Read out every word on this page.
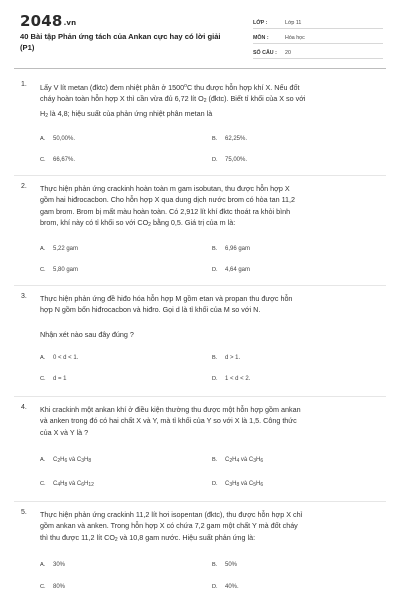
2048.vn
40 Bài tập Phản ứng tách của Ankan cực hay có lời giải (P1)
LỚP :	Lớp 11
MÔN :	Hóa học
SỐ CÂU :	20
1. Lấy V lít metan (đktc) đem nhiệt phân ở 1500$^o$C thu được hỗn hợp khí X. Nếu đốt
cháy hoàn toàn hỗn hợp X thì cần vừa đủ 6,72 lít $O_2$ (đktc). Biết tỉ khối của X so với
$H_2$ là 4,8; hiệu suất của phản ứng nhiệt phân metan là
A. 50,00%.	B. 62,25%.
C. 66,67%.	D. 75,00%.
2. Thực hiện phản ứng crackinh hoàn toàn m gam isobutan, thu được hỗn hợp X
gồm hai hiđrocacbon. Cho hỗn hợp X qua dung dịch nước brom có hòa tan 11,2
gam brom. Brom bị mất màu hoàn toàn. Có 2,912 lít khí đktc thoát ra khỏi bình
brom, khí này có tỉ khối so với $CO_2$ bằng 0,5. Giá trị của m là:
A. 5,22 gam	B. 6,96 gam
C. 5,80 gam	D. 4,64 gam
3. Thực hiện phản ứng đề hiđo hóa hỗn hợp M gồm etan và propan thu được hỗn
hợp N gồm bốn hiđrocacbon và hiđro. Gọi d là tỉ khối của M so với N.
Nhận xét nào sau đây đúng ?
A. 0 < d < 1.	B. d > 1.
C. d = 1	D. 1 < d < 2.
4. Khi crackinh một ankan khí ở điều kiện thường thu được một hỗn hợp gồm ankan
và anken trong đó có hai chất X và Y, mà tỉ khối của Y so với X là 1,5. Công thức
của X và Y là ?
A. $C_2H_6$ và $C_3H_8$	B. $C_2H_4$ và $C_3H_6$
C. $C_4H_8$ và $C_6H_{12}$	D. $C_3H_8$ và $C_5H_6$
5. Thực hiện phản ứng crackinh 11,2 lít hơi isopentan (đktc), thu được hỗn hợp X chỉ
gồm ankan và anken. Trong hỗn hợp X có chứa 7,2 gam một chất Y mà đốt cháy
thì thu được 11,2 lít $CO_2$ và 10,8 gam nước. Hiệu suất phản ứng là:
A. 30%	B. 50%
C. 80%	D. 40%.
